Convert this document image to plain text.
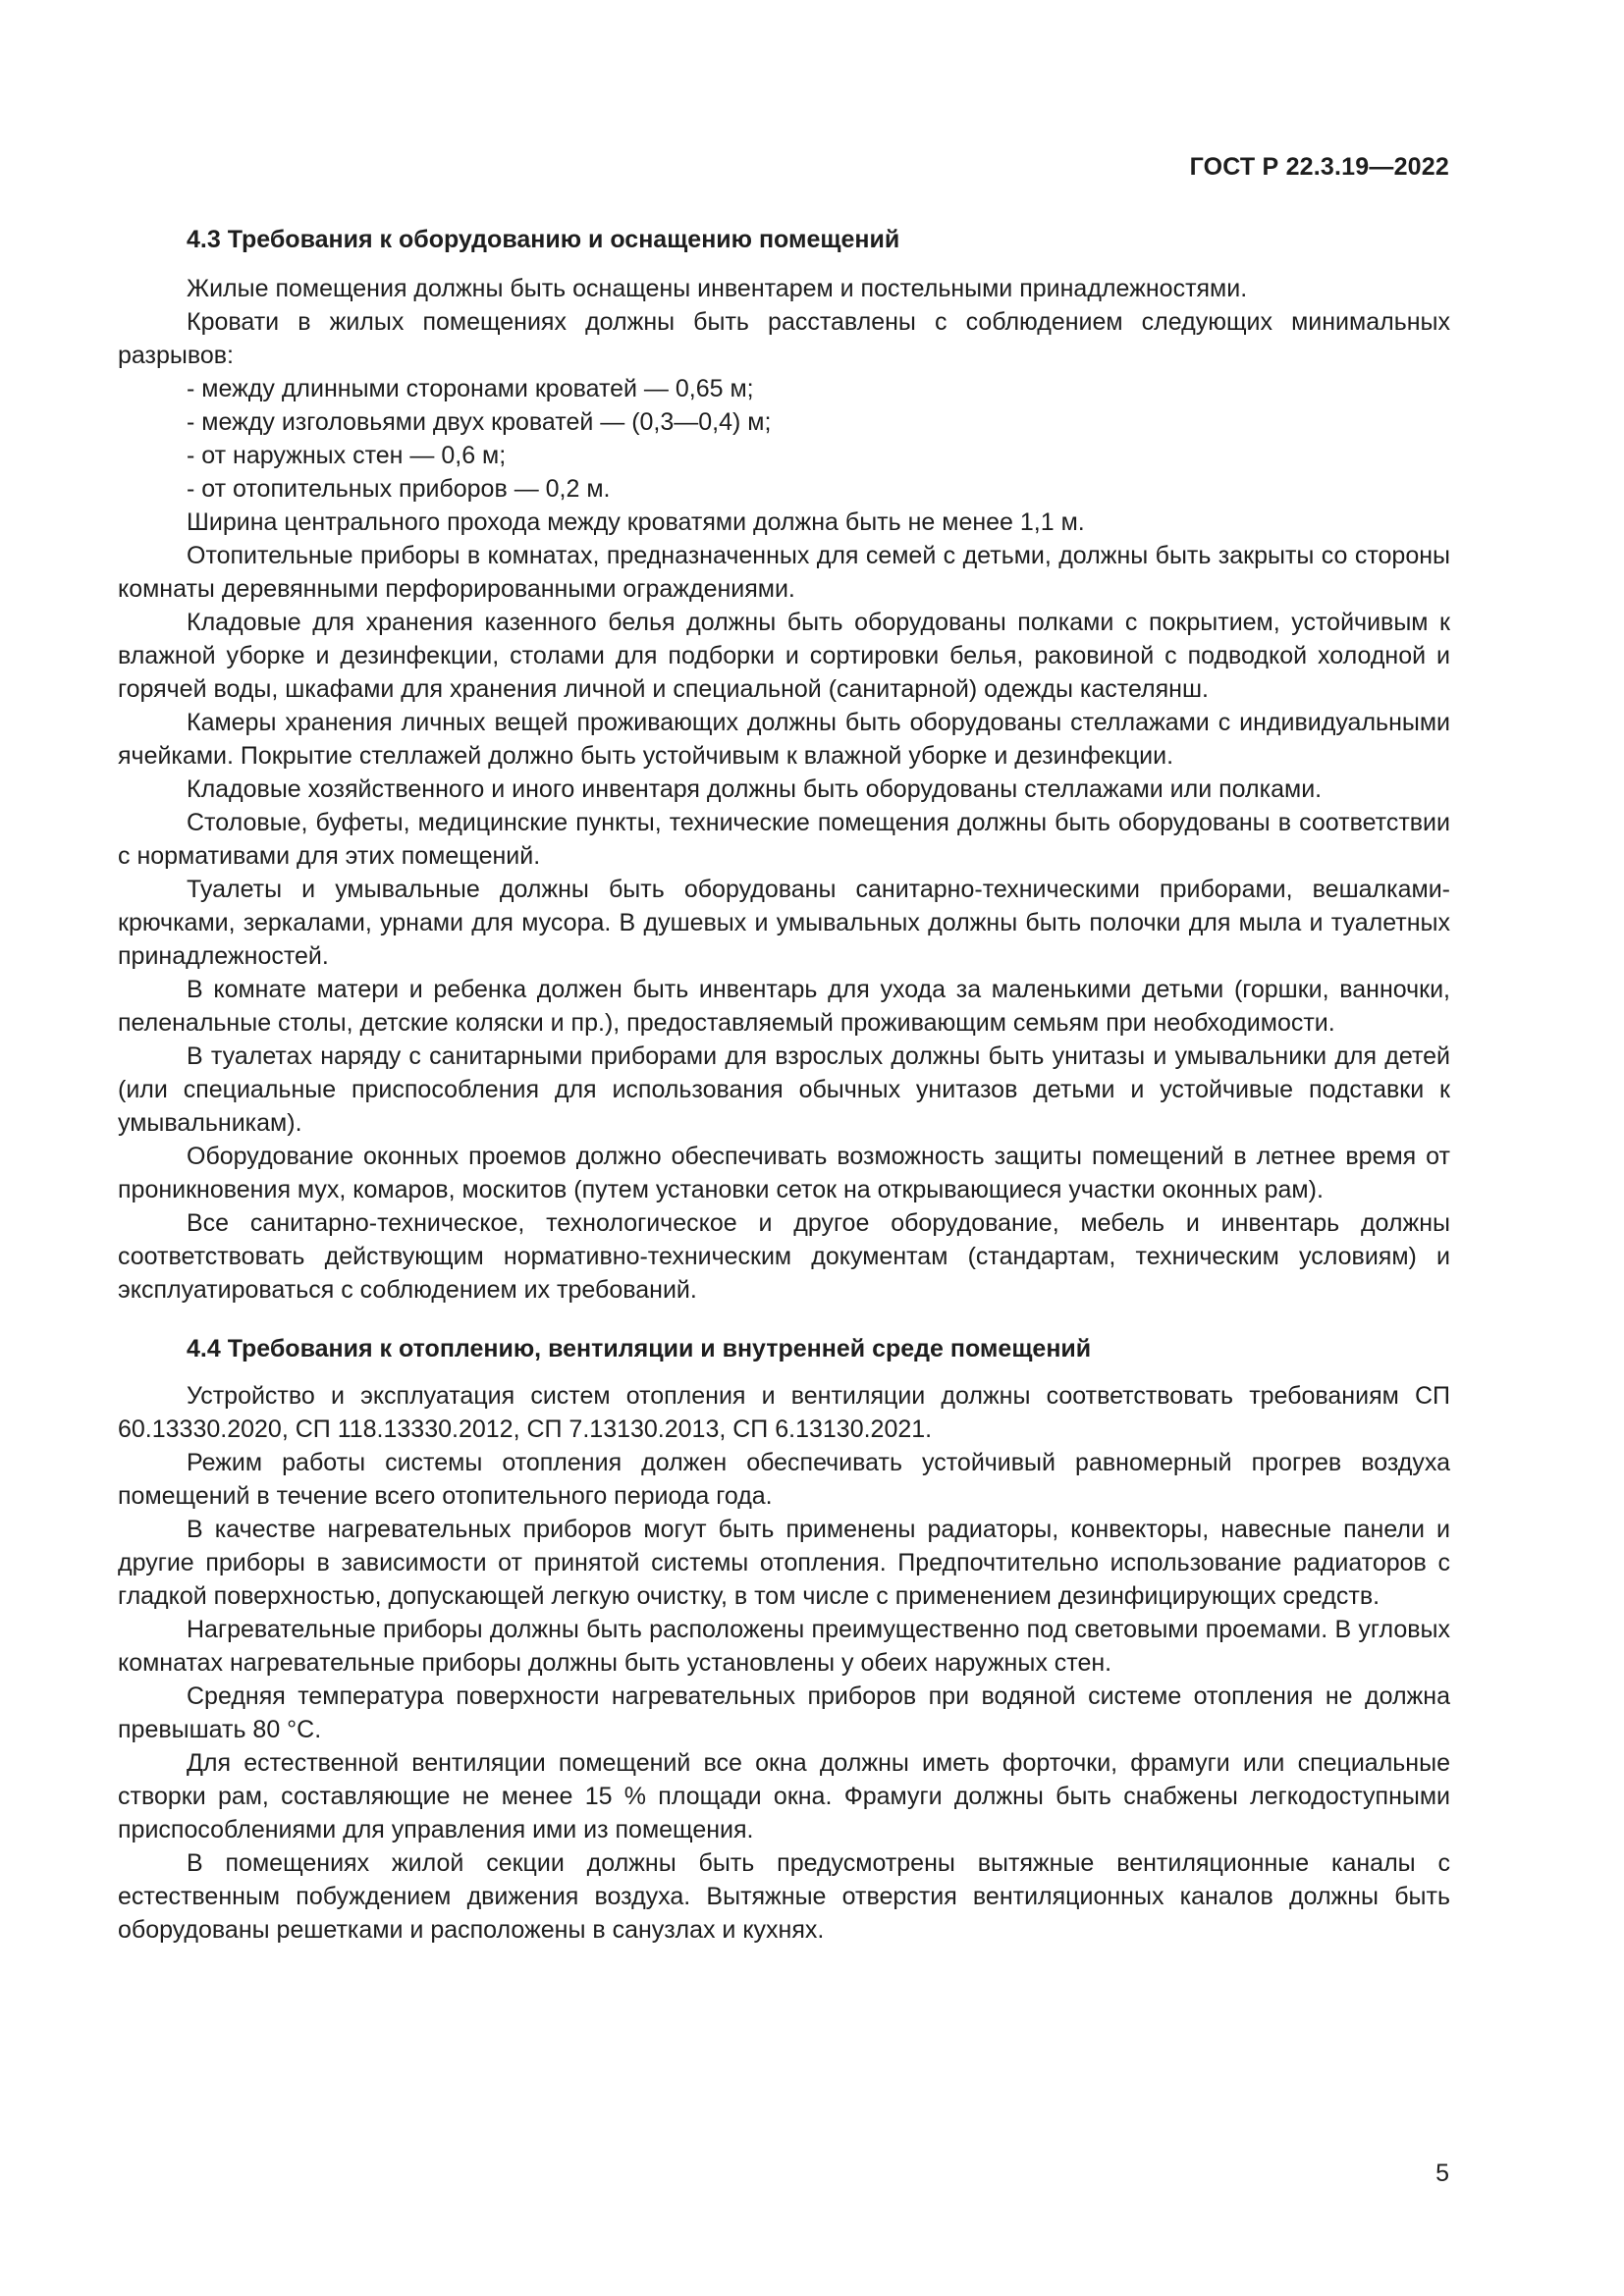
ГОСТ Р 22.3.19—2022

4.3 Требования к оборудованию и оснащению помещений

Жилые помещения должны быть оснащены инвентарем и постельными принадлежностями.

Кровати в жилых помещениях должны быть расставлены с соблюдением следующих минимальных разрывов:

- между длинными сторонами кроватей — 0,65 м;

- между изголовьями двух кроватей — (0,3—0,4) м;

- от наружных стен — 0,6 м;

- от отопительных приборов — 0,2 м.

Ширина центрального прохода между кроватями должна быть не менее 1,1 м.

Отопительные приборы в комнатах, предназначенных для семей с детьми, должны быть закрыты со стороны комнаты деревянными перфорированными ограждениями.

Кладовые для хранения казенного белья должны быть оборудованы полками с покрытием, устойчивым к влажной уборке и дезинфекции, столами для подборки и сортировки белья, раковиной с подводкой холодной и горячей воды, шкафами для хранения личной и специальной (санитарной) одежды кастелянш.

Камеры хранения личных вещей проживающих должны быть оборудованы стеллажами с индивидуальными ячейками. Покрытие стеллажей должно быть устойчивым к влажной уборке и дезинфекции.

Кладовые хозяйственного и иного инвентаря должны быть оборудованы стеллажами или полками.

Столовые, буфеты, медицинские пункты, технические помещения должны быть оборудованы в соответствии с нормативами для этих помещений.

Туалеты и умывальные должны быть оборудованы санитарно-техническими приборами, вешалками-крючками, зеркалами, урнами для мусора. В душевых и умывальных должны быть полочки для мыла и туалетных принадлежностей.

В комнате матери и ребенка должен быть инвентарь для ухода за маленькими детьми (горшки, ванночки, пеленальные столы, детские коляски и пр.), предоставляемый проживающим семьям при необходимости.

В туалетах наряду с санитарными приборами для взрослых должны быть унитазы и умывальники для детей (или специальные приспособления для использования обычных унитазов детьми и устойчивые подставки к умывальникам).

Оборудование оконных проемов должно обеспечивать возможность защиты помещений в летнее время от проникновения мух, комаров, москитов (путем установки сеток на открывающиеся участки оконных рам).

Все санитарно-техническое, технологическое и другое оборудование, мебель и инвентарь должны соответствовать действующим нормативно-техническим документам (стандартам, техническим условиям) и эксплуатироваться с соблюдением их требований.

4.4 Требования к отоплению, вентиляции и внутренней среде помещений

Устройство и эксплуатация систем отопления и вентиляции должны соответствовать требованиям СП 60.13330.2020, СП 118.13330.2012, СП 7.13130.2013, СП 6.13130.2021.

Режим работы системы отопления должен обеспечивать устойчивый равномерный прогрев воздуха помещений в течение всего отопительного периода года.

В качестве нагревательных приборов могут быть применены радиаторы, конвекторы, навесные панели и другие приборы в зависимости от принятой системы отопления. Предпочтительно использование радиаторов с гладкой поверхностью, допускающей легкую очистку, в том числе с применением дезинфицирующих средств.

Нагревательные приборы должны быть расположены преимущественно под световыми проемами. В угловых комнатах нагревательные приборы должны быть установлены у обеих наружных стен.

Средняя температура поверхности нагревательных приборов при водяной системе отопления не должна превышать 80 °С.

Для естественной вентиляции помещений все окна должны иметь форточки, фрамуги или специальные створки рам, составляющие не менее 15 % площади окна. Фрамуги должны быть снабжены легкодоступными приспособлениями для управления ими из помещения.

В помещениях жилой секции должны быть предусмотрены вытяжные вентиляционные каналы с естественным побуждением движения воздуха. Вытяжные отверстия вентиляционных каналов должны быть оборудованы решетками и расположены в санузлах и кухнях.

5
